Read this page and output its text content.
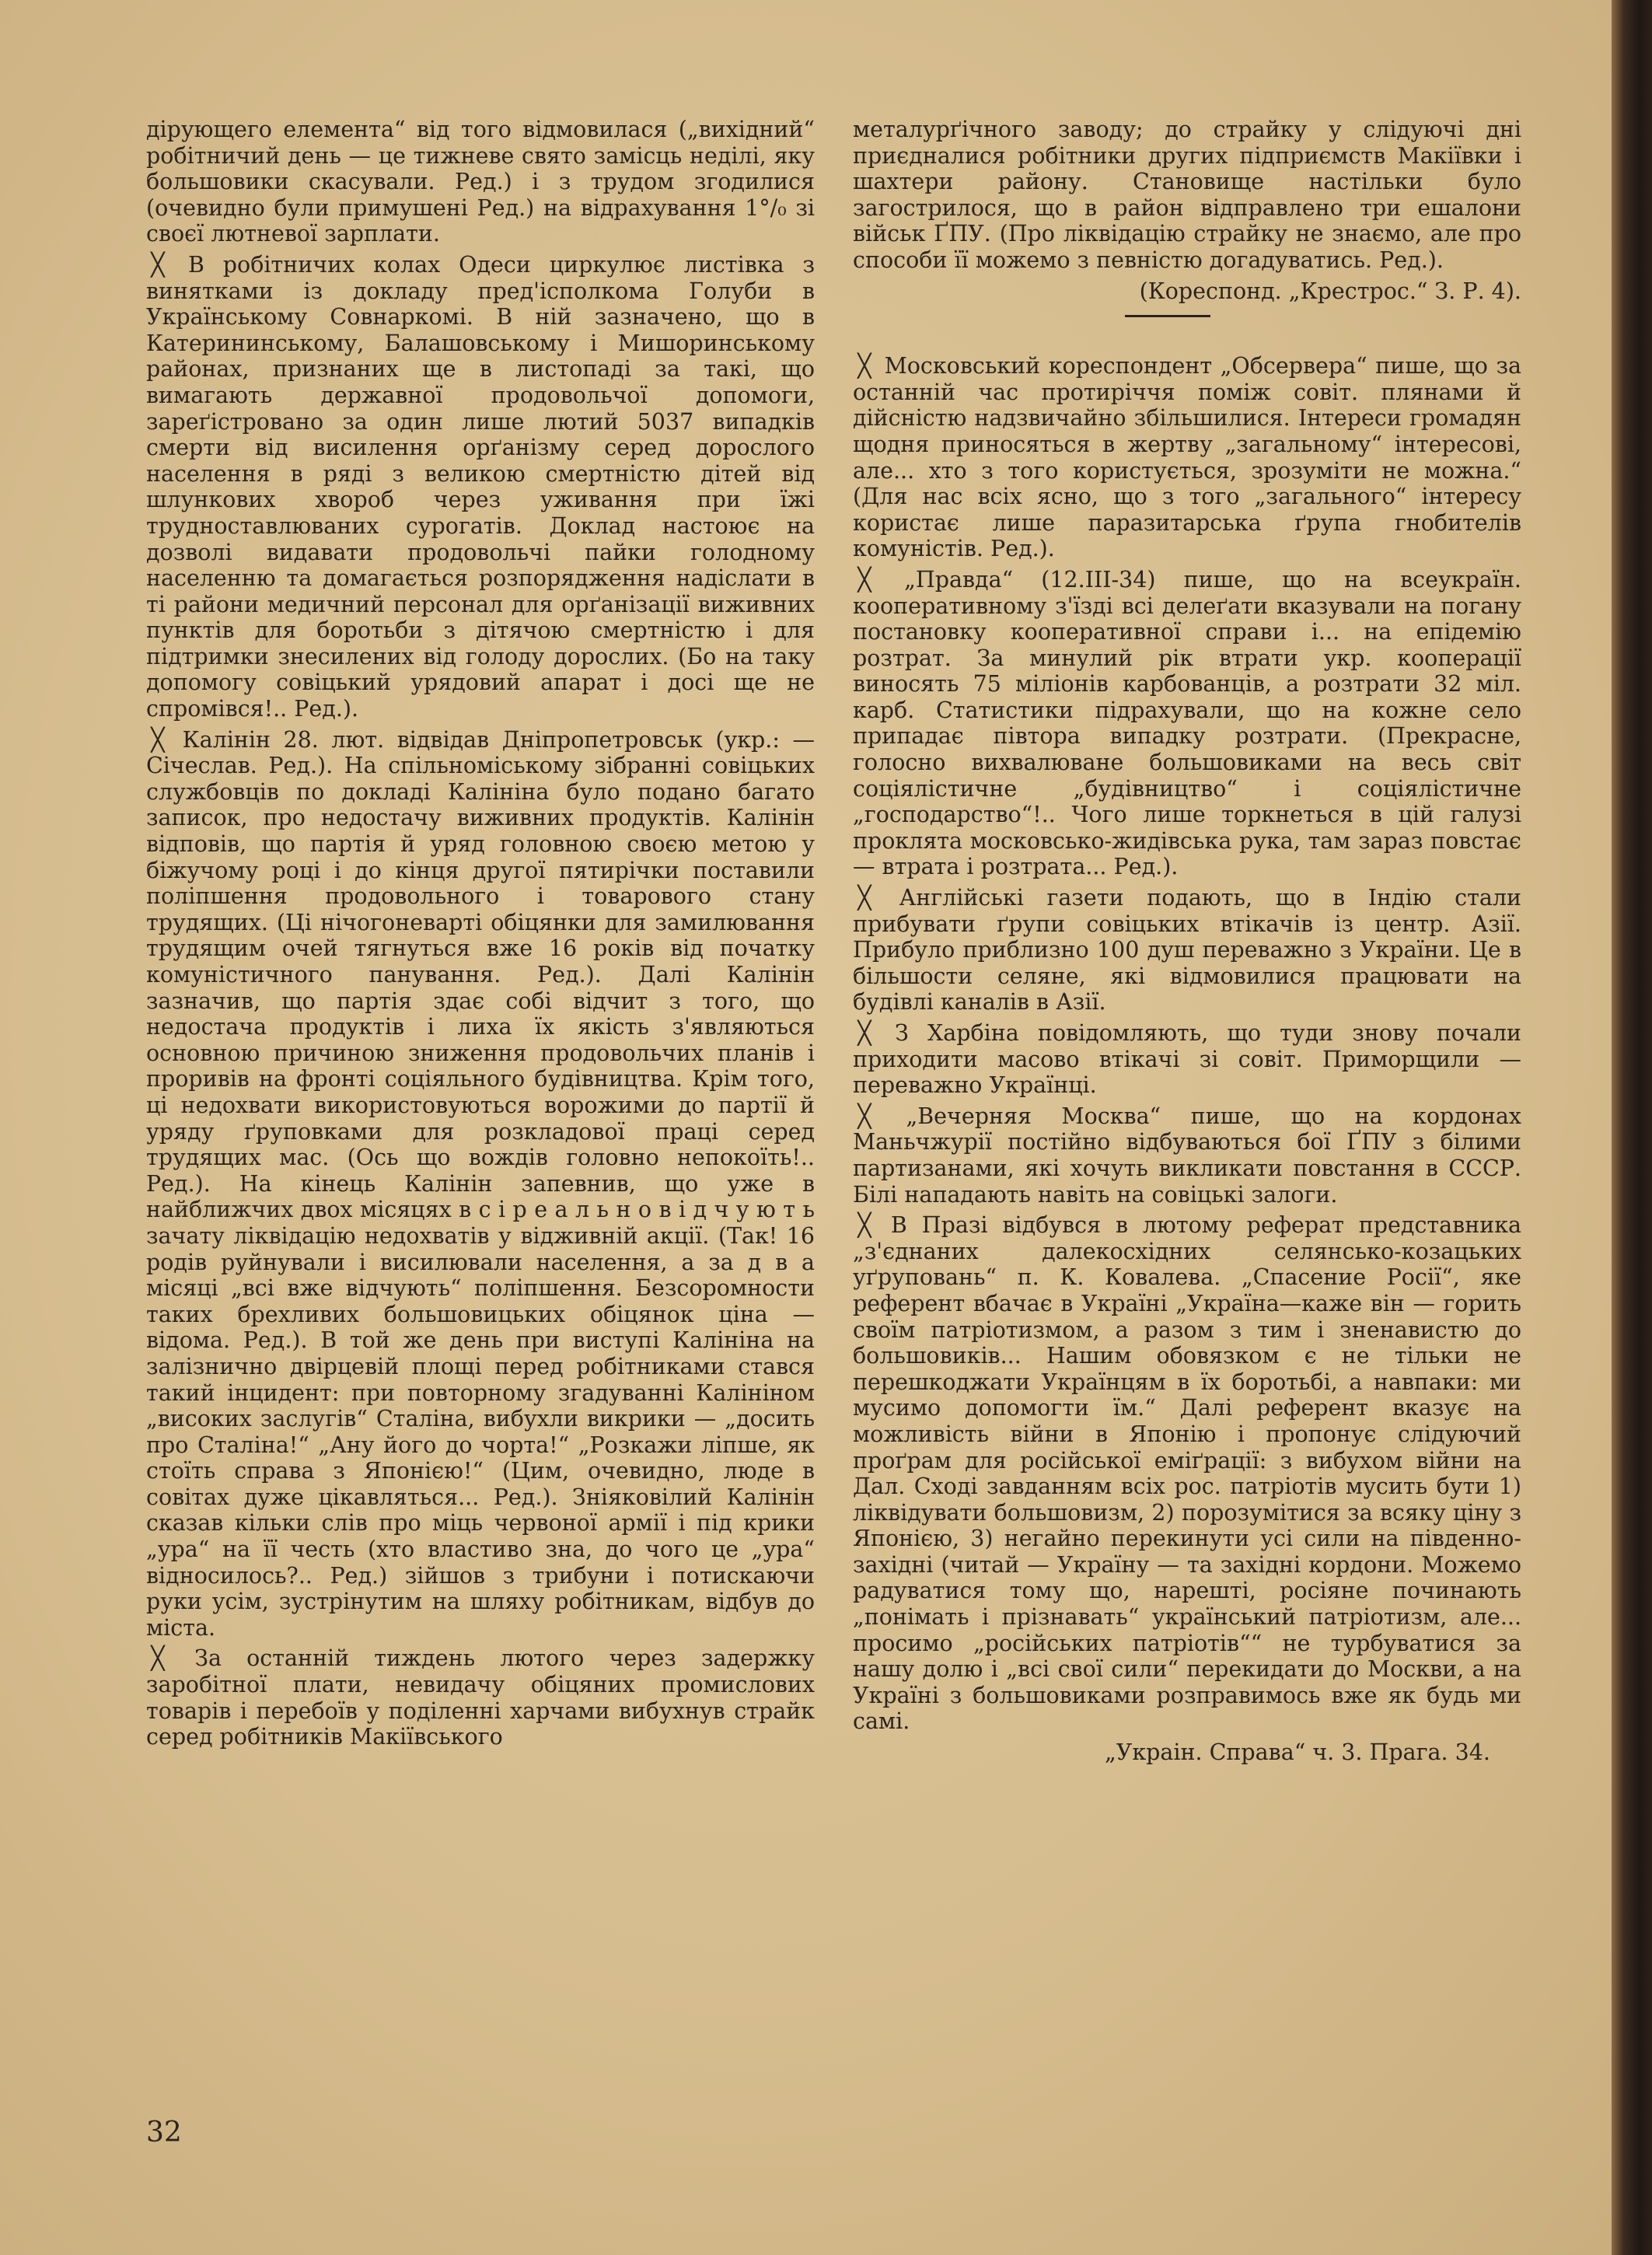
дірующего елемента“ від того відмовилася („вихідний“ робітничий день — це тижневе свято замісць неділі, яку большовики скасували. Ред.) і з трудом згодилися (очевидно були примушені Ред.) на відрахування 1°/₀ зі своєї лютневої зарплати.

╳ В робітничих колах Одеси циркулює листівка з винятками із докладу пред'ісполкома Голуби в Українському Совнаркомі. В ній зазначено, що в Катерининському, Балашовському і Мишоринському районах, признаних ще в листопаді за такі, що вимагають державної продовольчої допомоги, зареґістровано за один лише лютий 5037 випадків смерти від висилення орґанізму серед дорослого населення в ряді з великою смертністю дітей від шлункових хвороб через уживання при їжі трудноставлюваних сурогатів. Доклад настоює на дозволі видавати продовольчі пайки голодному населенню та домагається розпорядження надіслати в ті райони медичний персонал для орґанізації виживних пунктів для боротьби з дітячою смертністю і для підтримки знесилених від голоду дорослих. (Бо на таку допомогу совіцький урядовий апарат і досі ще не спромівся!.. Ред.).

╳ Калінін 28. лют. відвідав Дніпропетровськ (укр.: — Січеслав. Ред.). На спільноміському зібранні совіцьких службовців по докладі Калініна було подано багато записок, про недостачу виживних продуктів. Калінін відповів, що партія й уряд головною своєю метою у біжучому році і до кінця другої пятирічки поставили поліпшення продовольного і товарового стану трудящих. (Ці нічогоневарті обіцянки для замилювання трудящим очей тягнуться вже 16 років від початку комуністичного панування. Ред.). Далі Калінін зазначив, що партія здає собі відчит з того, що недостача продуктів і лиха їх якість з'являються основною причиною зниження продовольчих планів і проривів на фронті соціяльного будівництва. Крім того, ці недохвати використовуються ворожими до партії й уряду ґруповками для розкладової праці серед трудящих мас. (Ось що вождів головно непокоїть!.. Ред.). На кінець Калінін запевнив, що уже в найближчих двох місяцях в с і р е а л ь н о в і д ч у ю т ь зачату ліквідацію недохватів у відживній акції. (Так! 16 родів руйнували і висилювали населення, а за д в а місяці „всі вже відчують“ поліпшення. Безсоромности таких брехливих большовицьких обіцянок ціна — відома. Ред.). В той же день при виступі Калініна на залізнично двірцевій площі перед робітниками стався такий інцидент: при повторному згадуванні Калініном „високих заслугів“ Сталіна, вибухли викрики — „досить про Сталіна!“ „Ану його до чорта!“ „Розкажи ліпше, як стоїть справа з Японією!“ (Цим, очевидно, люде в совітах дуже цікавляться... Ред.). Зніяковілий Калінін сказав кільки слів про міць червоної армії і під крики „ура“ на її честь (хто властиво зна, до чого це „ура“ відносилось?.. Ред.) зійшов з трибуни і потискаючи руки усім, зустрінутим на шляху робітникам, відбув до міста.

╳ За останній тиждень лютого через задержку заробітної плати, невидачу обіцяних промислових товарів і перебоїв у поділенні харчами вибухнув страйк серед робітників Макіївського

металурґічного заводу; до страйку у слідуючі дні приєдналися робітники других підприємств Макіївки і шахтери району. Становище настільки було загострилося, що в район відправлено три ешалони військ ҐПУ. (Про ліквідацію страйку не знаємо, але про способи її можемо з певністю догадуватись. Ред.).

(Кореспонд. „Крестрос.“ З. Р. 4).

╳ Московський кореспондент „Обсервера“ пише, що за останній час протиріччя поміж совіт. плянами й дійсністю надзвичайно збільшилися. Інтереси громадян щодня приносяться в жертву „загальному“ інтересові, але... хто з того користується, зрозуміти не можна.“ (Для нас всіх ясно, що з того „загального“ інтересу користає лише паразитарська ґрупа гнобителів комуністів. Ред.).

╳ „Правда“ (12.III-34) пише, що на всеукраїн. кооперативному з'їзді всі делеґати вказували на погану постановку кооперативної справи і... на епідемію розтрат. За минулий рік втрати укр. кооперації виносять 75 міліонів карбованців, а розтрати 32 міл. карб. Статистики підрахували, що на кожне село припадає півтора випадку розтрати. (Прекрасне, голосно вихвалюване большовиками на весь світ соціялістичне „будівництво“ і соціялістичне „господарство“!.. Чого лише торкнеться в цій галузі проклята московсько-жидівська рука, там зараз повстає — втрата і розтрата... Ред.).

╳ Англійські газети подають, що в Індію стали прибувати ґрупи совіцьких втікачів із центр. Азії. Прибуло приблизно 100 душ переважно з України. Це в більшости селяне, які відмовилися працювати на будівлі каналів в Азії.

╳ З Харбіна повідомляють, що туди знову почали приходити масово втікачі зі совіт. Приморщили — переважно Українці.

╳ „Вечерняя Москва“ пише, що на кордонах Маньчжурії постійно відбуваються бої ҐПУ з білими партизанами, які хочуть викликати повстання в СССР. Білі нападають навіть на совіцькі залоги.

╳ В Празі відбувся в лютому реферат представника „з'єднаних далекосхідних селянсько-козацьких уґруповань“ п. К. Ковалева. „Спасение Росії“, яке референт вбачає в Україні „Україна—каже він — горить своїм патріотизмом, а разом з тим і зненавистю до большовиків... Нашим обовязком є не тільки не перешкоджати Українцям в їх боротьбі, а навпаки: ми мусимо допомогти їм.“ Далі референт вказує на можливість війни в Японію і пропонує слідуючий проґрам для російської еміґрації: з вибухом війни на Дал. Сході завданням всіх рос. патріотів мусить бути 1) ліквідувати большовизм, 2) порозумітися за всяку ціну з Японією, 3) негайно перекинути усі сили на південно-західні (читай — Україну — та західні кордони. Можемо радуватися тому що, нарешті, росіяне починають „понімать і прізнавать“ український патріотизм, але... просимо „російських патріотів““ не турбуватися за нашу долю і „всі свої сили“ перекидати до Москви, а на Україні з большовиками розправимось вже як будь ми самі.

„Украін. Справа“ ч. 3. Прага. 34.

32
